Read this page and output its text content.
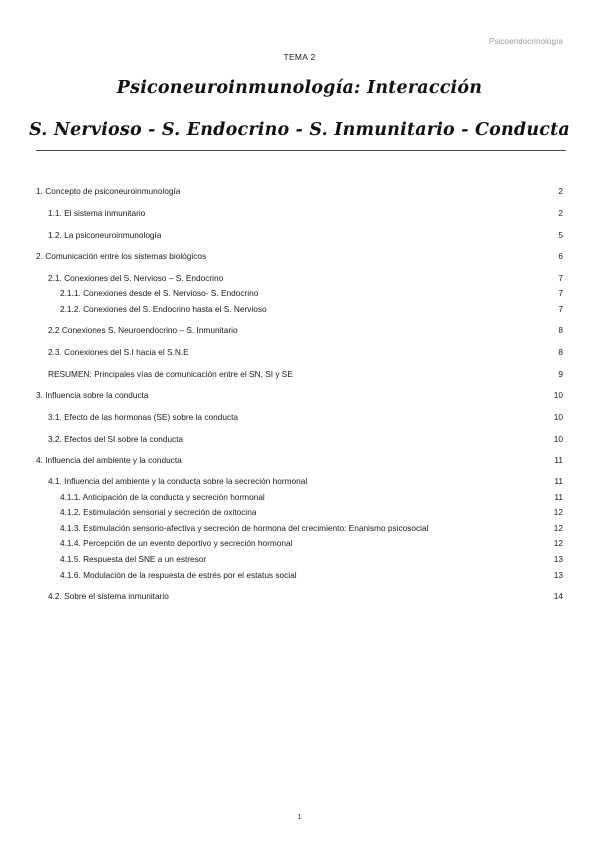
Psicoendocrinología
TEMA 2
Psiconeuroinmunología: Interacción
S. Nervioso - S. Endocrino - S. Inmunitario - Conducta
1. Concepto de psiconeuroinmunología	2
1.1. El sistema inmunitario	2
1.2. La psiconeuroinmunología	5
2. Comunicación entre los sistemas biológicos	6
2.1. Conexiones del S. Nervioso – S. Endocrino	7
2.1.1. Conexiones desde el S. Nervioso- S. Endocrino	7
2.1.2. Conexiones del S. Endocrino hasta el S. Nervioso	7
2.2 Conexiones S. Neuroendocrino – S. Inmunitario	8
2.3. Conexiones del S.I hacia el S.N.E	8
RESUMEN: Principales vías de comunicación entre el SN, SI y SE	9
3. Influencia sobre la conducta	10
3.1. Efecto de las hormonas (SE) sobre la conducta	10
3.2. Efectos del SI sobre la conducta	10
4. Influencia del ambiente y la conducta	11
4.1. Influencia del ambiente y la conducta sobre la secreción hormonal	11
4.1.1. Anticipación de la conducta y secreción hormonal	11
4.1.2. Estimulación sensorial y secreción de oxitocina	12
4.1.3. Estimulación sensorio-afectiva y secreción de hormona del crecimiento: Enanismo psicosocial	12
4.1.4. Percepción de un evento deportivo y secreción hormonal	12
4.1.5. Respuesta del SNE a un estresor	13
4.1.6. Modulación de la respuesta de estrés por el estatus social	13
4.2. Sobre el sistema inmunitario	14
1
